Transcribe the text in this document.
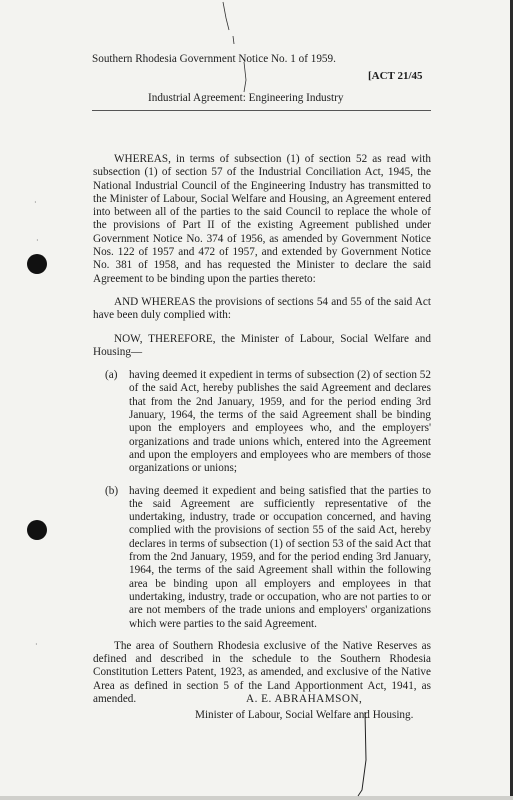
·
·
·
Southern Rhodesia Government Notice No. 1 of 1959.
[ACT 21/45
Industrial Agreement: Engineering Industry

WHEREAS, in terms of subsection (1) of section 52 as read with subsection (1) of section 57 of the Industrial Conciliation Act, 1945, the National Industrial Council of the Engineering Industry has transmitted to the Minister of Labour, Social Welfare and Housing, an Agreement entered into between all of the parties to the said Council to replace the whole of the provisions of Part II of the existing Agreement published under Government Notice No. 374 of 1956, as amended by Government Notice Nos. 122 of 1957 and 472 of 1957, and extended by Government Notice No. 381 of 1958, and has requested the Minister to declare the said Agreement to be binding upon the parties thereto:

AND WHEREAS the provisions of sections 54 and 55 of the said Act have been duly complied with:

NOW, THEREFORE, the Minister of Labour, Social Welfare and Housing—

(a)	having deemed it expedient in terms of subsection (2) of section 52 of the said Act, hereby publishes the said Agreement and declares that from the 2nd January, 1959, and for the period ending 3rd January, 1964, the terms of the said Agreement shall be binding upon the employers and employees who, and the employers' organizations and trade unions which, entered into the Agreement and upon the employers and employees who are members of those organizations or unions;
(b) having deemed it expedient and being satisfied that the parties to the said Agreement are sufficiently representative of the undertaking, industry, trade or occupation concerned, and having complied with the provisions of section 55 of the said Act, hereby declares in terms of subsection (1) of section 53 of the said Act that from the 2nd January, 1959, and for the period ending 3rd January, 1964, the terms of the said Agreement shall within the following area be binding upon all employers and employees in that undertaking, industry, trade or occupation, who are not parties to or are not members of the trade unions and employers' organizations which were parties to the said Agreement.

The area of Southern Rhodesia exclusive of the Native Reserves as defined and described in the schedule to the Southern Rhodesia Constitution Letters Patent, 1923, as amended, and exclusive of the Native Area as defined in section 5 of the Land Apportionment Act, 1941, as amended.	A. E. ABRAHAMSON,
Minister of Labour, Social Welfare and Housing.
